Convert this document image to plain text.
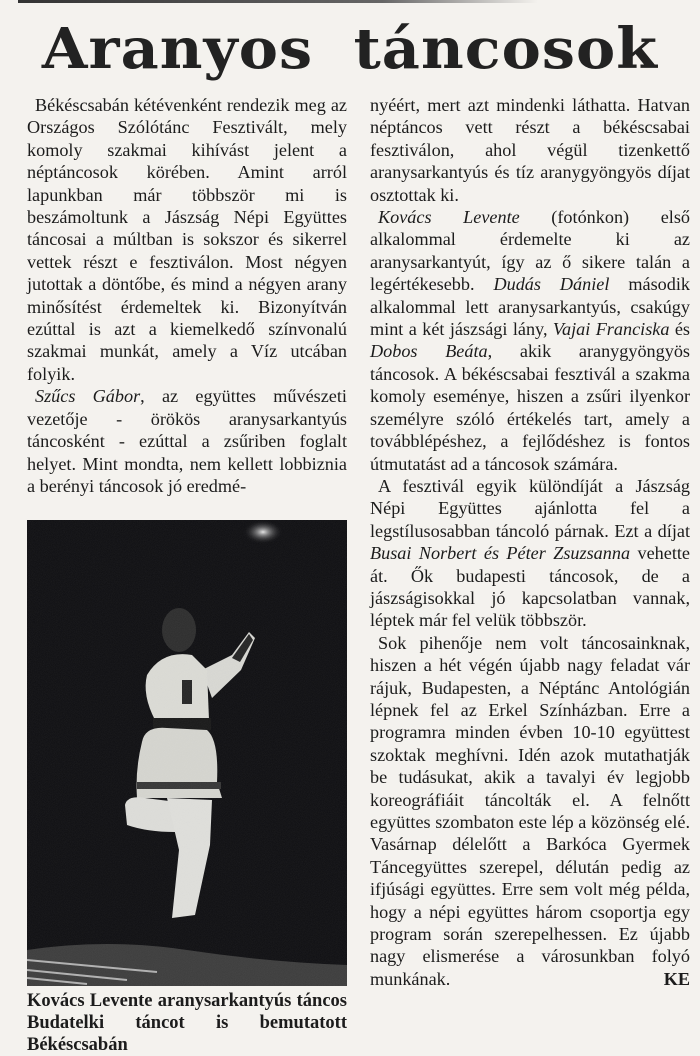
Aranyos táncosok

Békéscsabán kétévenként rendezik meg az Országos Szólótánc Fesztivált, mely komoly szakmai kihívást jelent a néptáncosok körében. Amint arról lapunkban már többször mi is beszámoltunk a Jászság Népi Együttes táncosai a múltban is sokszor és sikerrel vettek részt e fesztiválon. Most négyen jutottak a döntőbe, és mind a négyen arany minősítést érdemeltek ki. Bizonyítván ezúttal is azt a kiemelkedő színvonalú szakmai munkát, amely a Víz utcában folyik.

Szűcs Gábor, az együttes művészeti vezetője - örökös aranysarkantyús táncosként - ezúttal a zsűriben foglalt helyet. Mint mondta, nem kellett lobbiznia a berényi táncosok jó eredmé-

Kovács Levente aranysarkantyús táncos Budatelki táncot is bemutatott Békéscsabán

nyéért, mert azt mindenki láthatta. Hatvan néptáncos vett részt a békéscsabai fesztiválon, ahol végül tizenkettő aranysarkantyús és tíz aranygyöngyös díjat osztottak ki.

Kovács Levente (fotónkon) első alkalommal érdemelte ki az aranysarkantyút, így az ő sikere talán a legértékesebb. Dudás Dániel második alkalommal lett aranysarkantyús, csakúgy mint a két jászsági lány, Vajai Franciska és Dobos Beáta, akik aranygyöngyös táncosok. A békéscsabai fesztivál a szakma komoly eseménye, hiszen a zsűri ilyenkor személyre szóló értékelés tart, amely a továbblépéshez, a fejlődéshez is fontos útmutatást ad a táncosok számára.

A fesztivál egyik különdíját a Jászság Népi Együttes ajánlotta fel a legstílusosabban táncoló párnak. Ezt a díjat Busai Norbert és Péter Zsuzsanna vehette át. Ők budapesti táncosok, de a jászságisokkal jó kapcsolatban vannak, léptek már fel velük többször.

Sok pihenője nem volt táncosainknak, hiszen a hét végén újabb nagy feladat vár rájuk, Budapesten, a Néptánc Antológián lépnek fel az Erkel Színházban. Erre a programra minden évben 10-10 együttest szoktak meghívni. Idén azok mutathatják be tudásukat, akik a tavalyi év legjobb koreográfiáit táncolták el. A felnőtt együttes szombaton este lép a közönség elé. Vasárnap délelőtt a Barkóca Gyermek Táncegyüttes szerepel, délután pedig az ifjúsági együttes. Erre sem volt még példa, hogy a népi együttes három csoportja egy program során szerepelhessen. Ez újabb nagy elismerése a városunkban folyó munkának.	KE
